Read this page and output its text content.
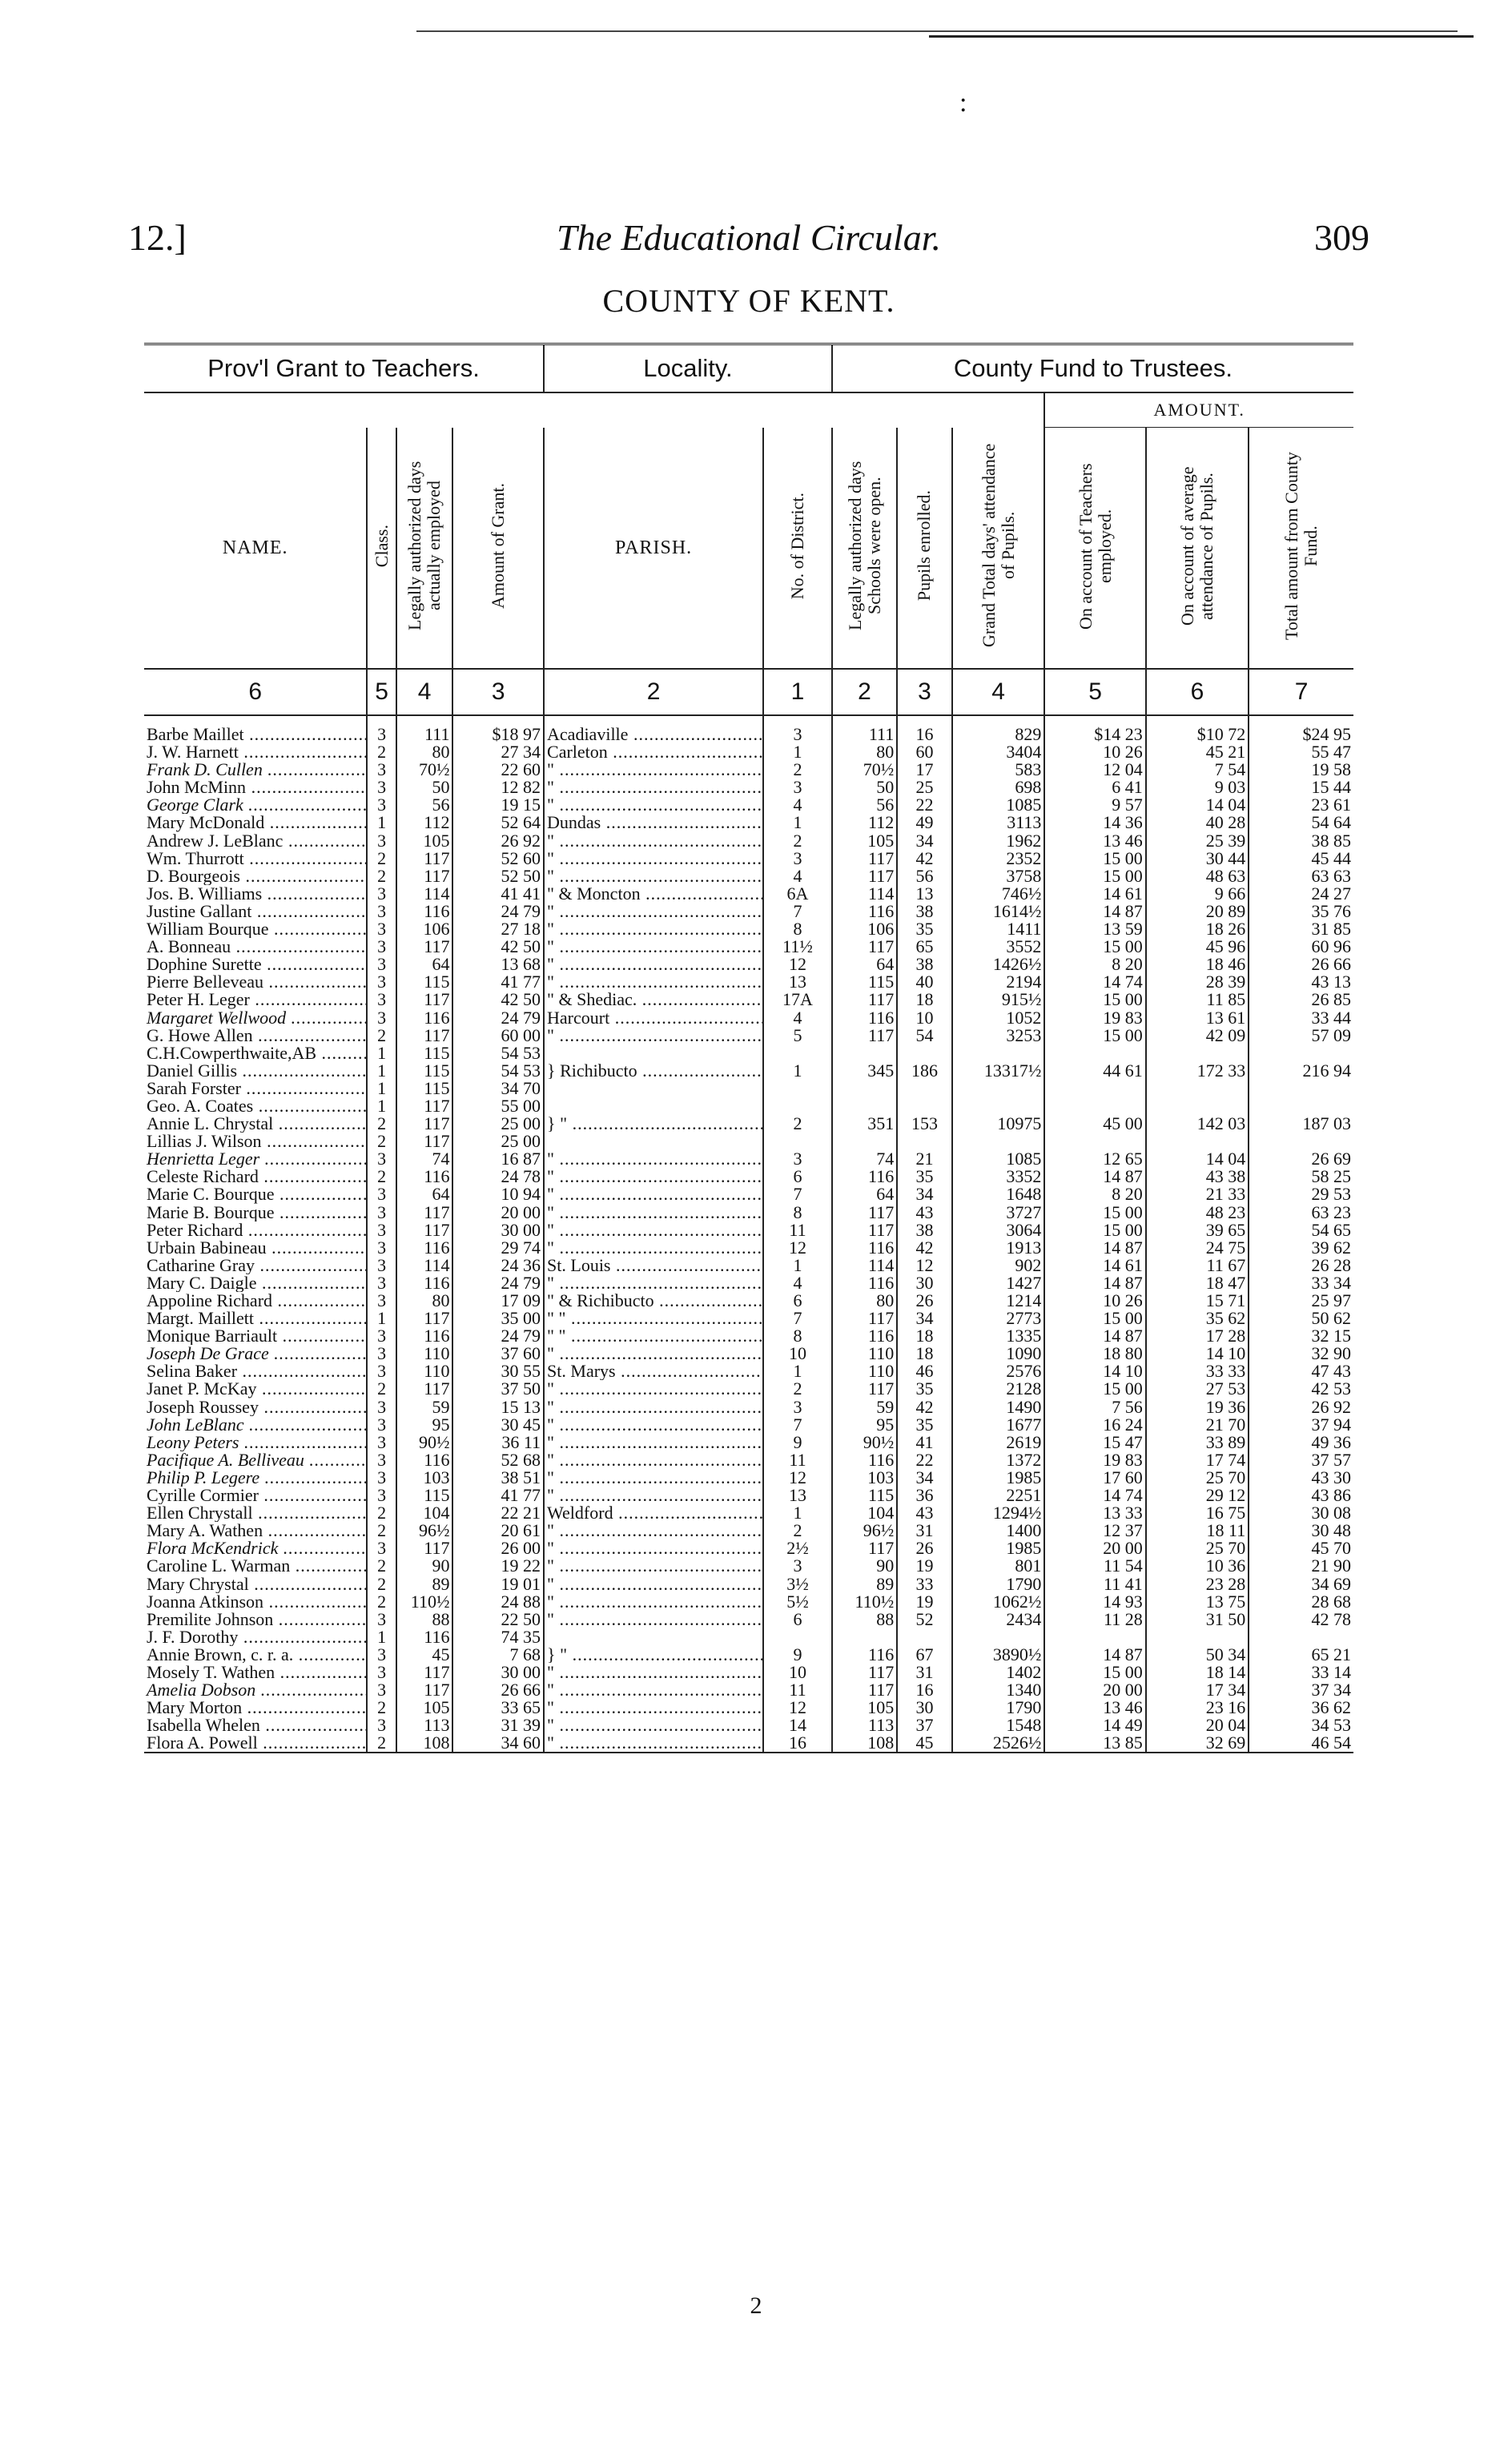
:
12.]	The Educational Circular.	309
COUNTY OF KENT.
Prov'l Grant to Teachers.				Locality.		County Fund to Trustees.					
									AMOUNT.		
NAME.	Class.	Legally authorized days actually employed	Amount of Grant.	PARISH.	No. of District.	Legally authorized days Schools were open.	Pupils enrolled.	Grand Total days' attendance of Pupils.	On account of Teachers employed.	On account of average attendance of Pupils.	Total amount from County Fund.
6	5	4	3	2	1	2	3	4	5	6	7
Barbe Maillet .....	3	111	$18 97	Acadiaville .....	3	111	16	829	$14 23	$10 72	$24 95
J. W. Harnett .....	2	80	27 34	Carleton .....	1	80	60	3404	10 26	45 21	55 47
Frank D. Cullen .....	3	70½	22 60	" .....	2	70½	17	583	12 04	7 54	19 58
John McMinn .....	3	50	12 82	" .....	3	50	25	698	6 41	9 03	15 44
George Clark .....	3	56	19 15	" .....	4	56	22	1085	9 57	14 04	23 61
Mary McDonald .....	1	112	52 64	Dundas .....	1	112	49	3113	14 36	40 28	54 64
Andrew J. LeBlanc .....	3	105	26 92	" .....	2	105	34	1962	13 46	25 39	38 85
Wm. Thurrott .....	2	117	52 60	" .....	3	117	42	2352	15 00	30 44	45 44
D. Bourgeois .....	2	117	52 50	" .....	4	117	56	3758	15 00	48 63	63 63
Jos. B. Williams .....	3	114	41 41	" & Moncton .....	6A	114	13	746½	14 61	9 66	24 27
Justine Gallant .....	3	116	24 79	" .....	7	116	38	1614½	14 87	20 89	35 76
William Bourque .....	3	106	27 18	" .....	8	106	35	1411	13 59	18 26	31 85
A. Bonneau .....	3	117	42 50	" .....	11½	117	65	3552	15 00	45 96	60 96
Dophine Surette .....	3	64	13 68	" .....	12	64	38	1426½	8 20	18 46	26 66
Pierre Belleveau .....	3	115	41 77	" .....	13	115	40	2194	14 74	28 39	43 13
Peter H. Leger .....	3	117	42 50	" & Shediac. .....	17A	117	18	915½	15 00	11 85	26 85
Margaret Wellwood .....	3	116	24 79	Harcourt .....	4	116	10	1052	19 83	13 61	33 44
G. Howe Allen .....	2	117	60 00	" .....	5	117	54	3253	15 00	42 09	57 09
C.H.Cowperthwaite,AB .....	1	115	54 53								
Daniel Gillis .....	1	115	54 53	} Richibucto .....	1	345	186	13317½	44 61	172 33	216 94
Sarah Forster .....	1	115	34 70								
Geo. A. Coates .....	1	117	55 00								
Annie L. Chrystal .....	2	117	25 00	} " .....	2	351	153	10975	45 00	142 03	187 03
Lillias J. Wilson .....	2	117	25 00								
Henrietta Leger .....	3	74	16 87	" .....	3	74	21	1085	12 65	14 04	26 69
Celeste Richard .....	2	116	24 78	" .....	6	116	35	3352	14 87	43 38	58 25
Marie C. Bourque .....	3	64	10 94	" .....	7	64	34	1648	8 20	21 33	29 53
Marie B. Bourque .....	3	117	20 00	" .....	8	117	43	3727	15 00	48 23	63 23
Peter Richard .....	3	117	30 00	" .....	11	117	38	3064	15 00	39 65	54 65
Urbain Babineau .....	3	116	29 74	" .....	12	116	42	1913	14 87	24 75	39 62
Catharine Gray .....	3	114	24 36	St. Louis .....	1	114	12	902	14 61	11 67	26 28
Mary C. Daigle .....	3	116	24 79	" .....	4	116	30	1427	14 87	18 47	33 34
Appoline Richard .....	3	80	17 09	" & Richibucto .....	6	80	26	1214	10 26	15 71	25 97
Margt. Maillett .....	1	117	35 00	" " .....	7	117	34	2773	15 00	35 62	50 62
Monique Barriault .....	3	116	24 79	" " .....	8	116	18	1335	14 87	17 28	32 15
Joseph De Grace .....	3	110	37 60	" .....	10	110	18	1090	18 80	14 10	32 90
Selina Baker .....	3	110	30 55	St. Marys .....	1	110	46	2576	14 10	33 33	47 43
Janet P. McKay .....	2	117	37 50	" .....	2	117	35	2128	15 00	27 53	42 53
Joseph Roussey .....	3	59	15 13	" .....	3	59	42	1490	7 56	19 36	26 92
John LeBlanc .....	3	95	30 45	" .....	7	95	35	1677	16 24	21 70	37 94
Leony Peters .....	3	90½	36 11	" .....	9	90½	41	2619	15 47	33 89	49 36
Pacifique A. Belliveau .....	3	116	52 68	" .....	11	116	22	1372	19 83	17 74	37 57
Philip P. Legere .....	3	103	38 51	" .....	12	103	34	1985	17 60	25 70	43 30
Cyrille Cormier .....	3	115	41 77	" .....	13	115	36	2251	14 74	29 12	43 86
Ellen Chrystall .....	2	104	22 21	Weldford .....	1	104	43	1294½	13 33	16 75	30 08
Mary A. Wathen .....	2	96½	20 61	" .....	2	96½	31	1400	12 37	18 11	30 48
Flora McKendrick .....	3	117	26 00	" .....	2½	117	26	1985	20 00	25 70	45 70
Caroline L. Warman .....	2	90	19 22	" .....	3	90	19	801	11 54	10 36	21 90
Mary Chrystal .....	2	89	19 01	" .....	3½	89	33	1790	11 41	23 28	34 69
Joanna Atkinson .....	2	110½	24 88	" .....	5½	110½	19	1062½	14 93	13 75	28 68
Premilite Johnson .....	3	88	22 50	" .....	6	88	52	2434	11 28	31 50	42 78
J. F. Dorothy .....	1	116	74 35								
Annie Brown, c. r. a. .....	3	45	7 68	} " .....	9	116	67	3890½	14 87	50 34	65 21
Mosely T. Wathen .....	3	117	30 00	" .....	10	117	31	1402	15 00	18 14	33 14
Amelia Dobson .....	3	117	26 66	" .....	11	117	16	1340	20 00	17 34	37 34
Mary Morton .....	2	105	33 65	" .....	12	105	30	1790	13 46	23 16	36 62
Isabella Whelen .....	3	113	31 39	" .....	14	113	37	1548	14 49	20 04	34 53
Flora A. Powell .....	2	108	34 60	" .....	16	108	45	2526½	13 85	32 69	46 54
2
